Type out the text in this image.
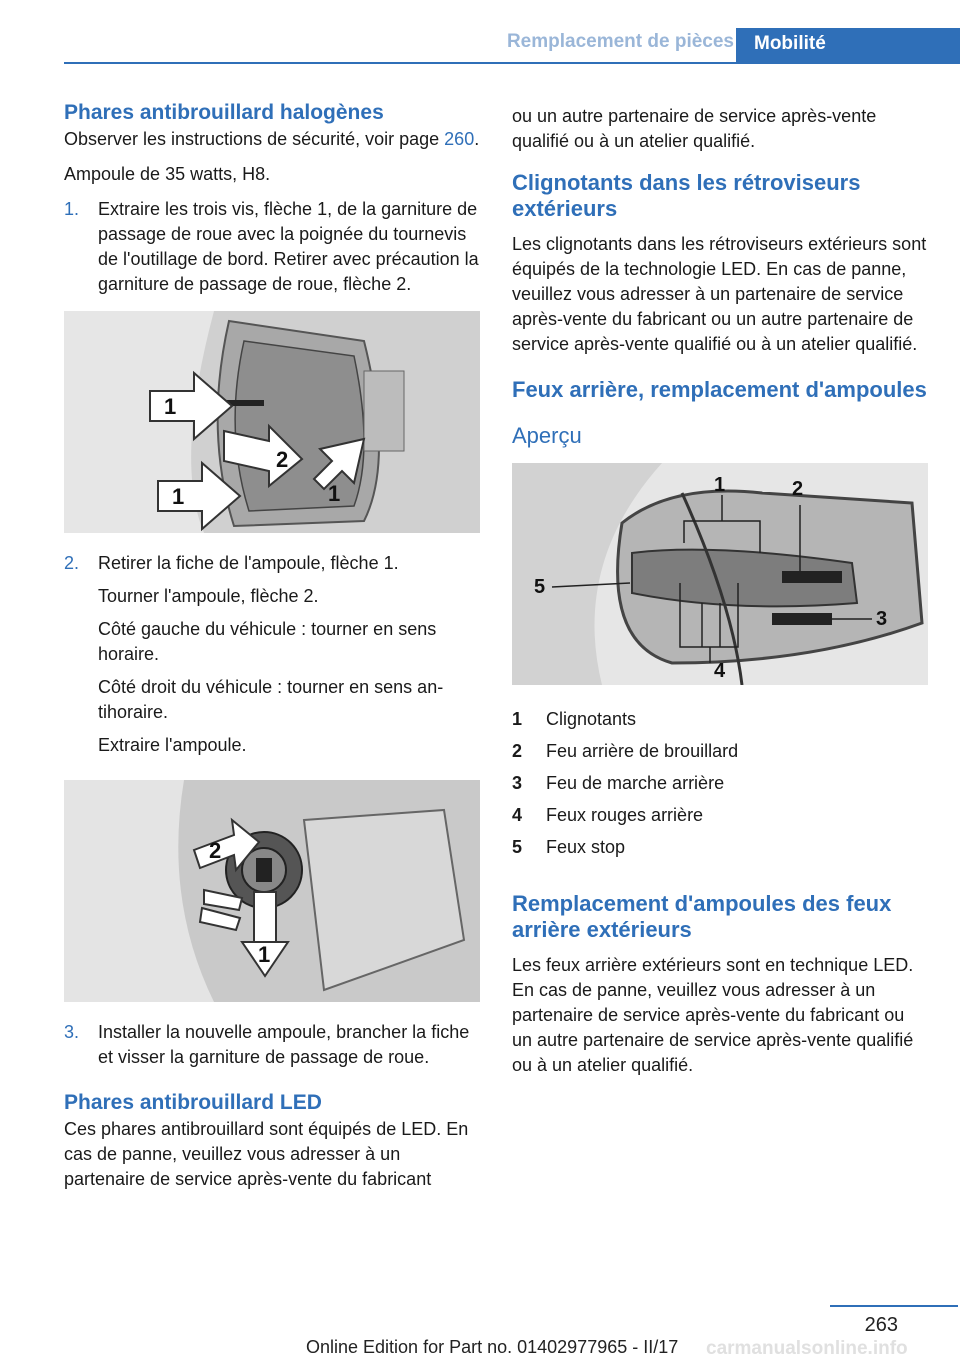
Remplacement de pièces	Mobilité
Phares antibrouillard halogènes

Observer les instructions de sécurité, voir page 260.

Ampoule de 35 watts, H8.

1.	Extraire les trois vis, flèche 1, de la garniture de passage de roue avec la poignée du tournevis de l'outillage de bord. Retirer avec précaution la garniture de passage de roue, flèche 2.
1
2
1	1
2.	Retirer la fiche de l'ampoule, flèche 1.

Tourner l'ampoule, flèche 2.

Côté gauche du véhicule : tourner en sens horaire.

Côté droit du véhicule : tourner en sens antihoraire.

Extraire l'ampoule.

2
1
3.	Installer la nouvelle ampoule, brancher la fiche et visser la garniture de passage de roue.
Phares antibrouillard LED

Ces phares antibrouillard sont équipés de LED. En cas de panne, veuillez vous adresser à un partenaire de service après-vente du fabricant

ou un autre partenaire de service après-vente qualifié ou à un atelier qualifié.

Clignotants dans les rétroviseurs extérieurs

Les clignotants dans les rétroviseurs extérieurs sont équipés de la technologie LED. En cas de panne, veuillez vous adresser à un partenaire de service après-vente du fabricant ou un autre partenaire de service après-vente qualifié ou à un atelier qualifié.

Feux arrière, remplacement d'ampoules
Aperçu
1	2
3
4
5
1	Clignotants
2	Feu arrière de brouillard
3	Feu de marche arrière
4	Feux rouges arrière
5	Feux stop
Remplacement d'ampoules des feux arrière extérieurs

Les feux arrière extérieurs sont en technique LED. En cas de panne, veuillez vous adresser à un partenaire de service après-vente du fabricant ou un autre partenaire de service après-vente qualifié ou à un atelier qualifié.

263
Online Edition for Part no. 01402977965 - II/17 carmanualsonline.info
